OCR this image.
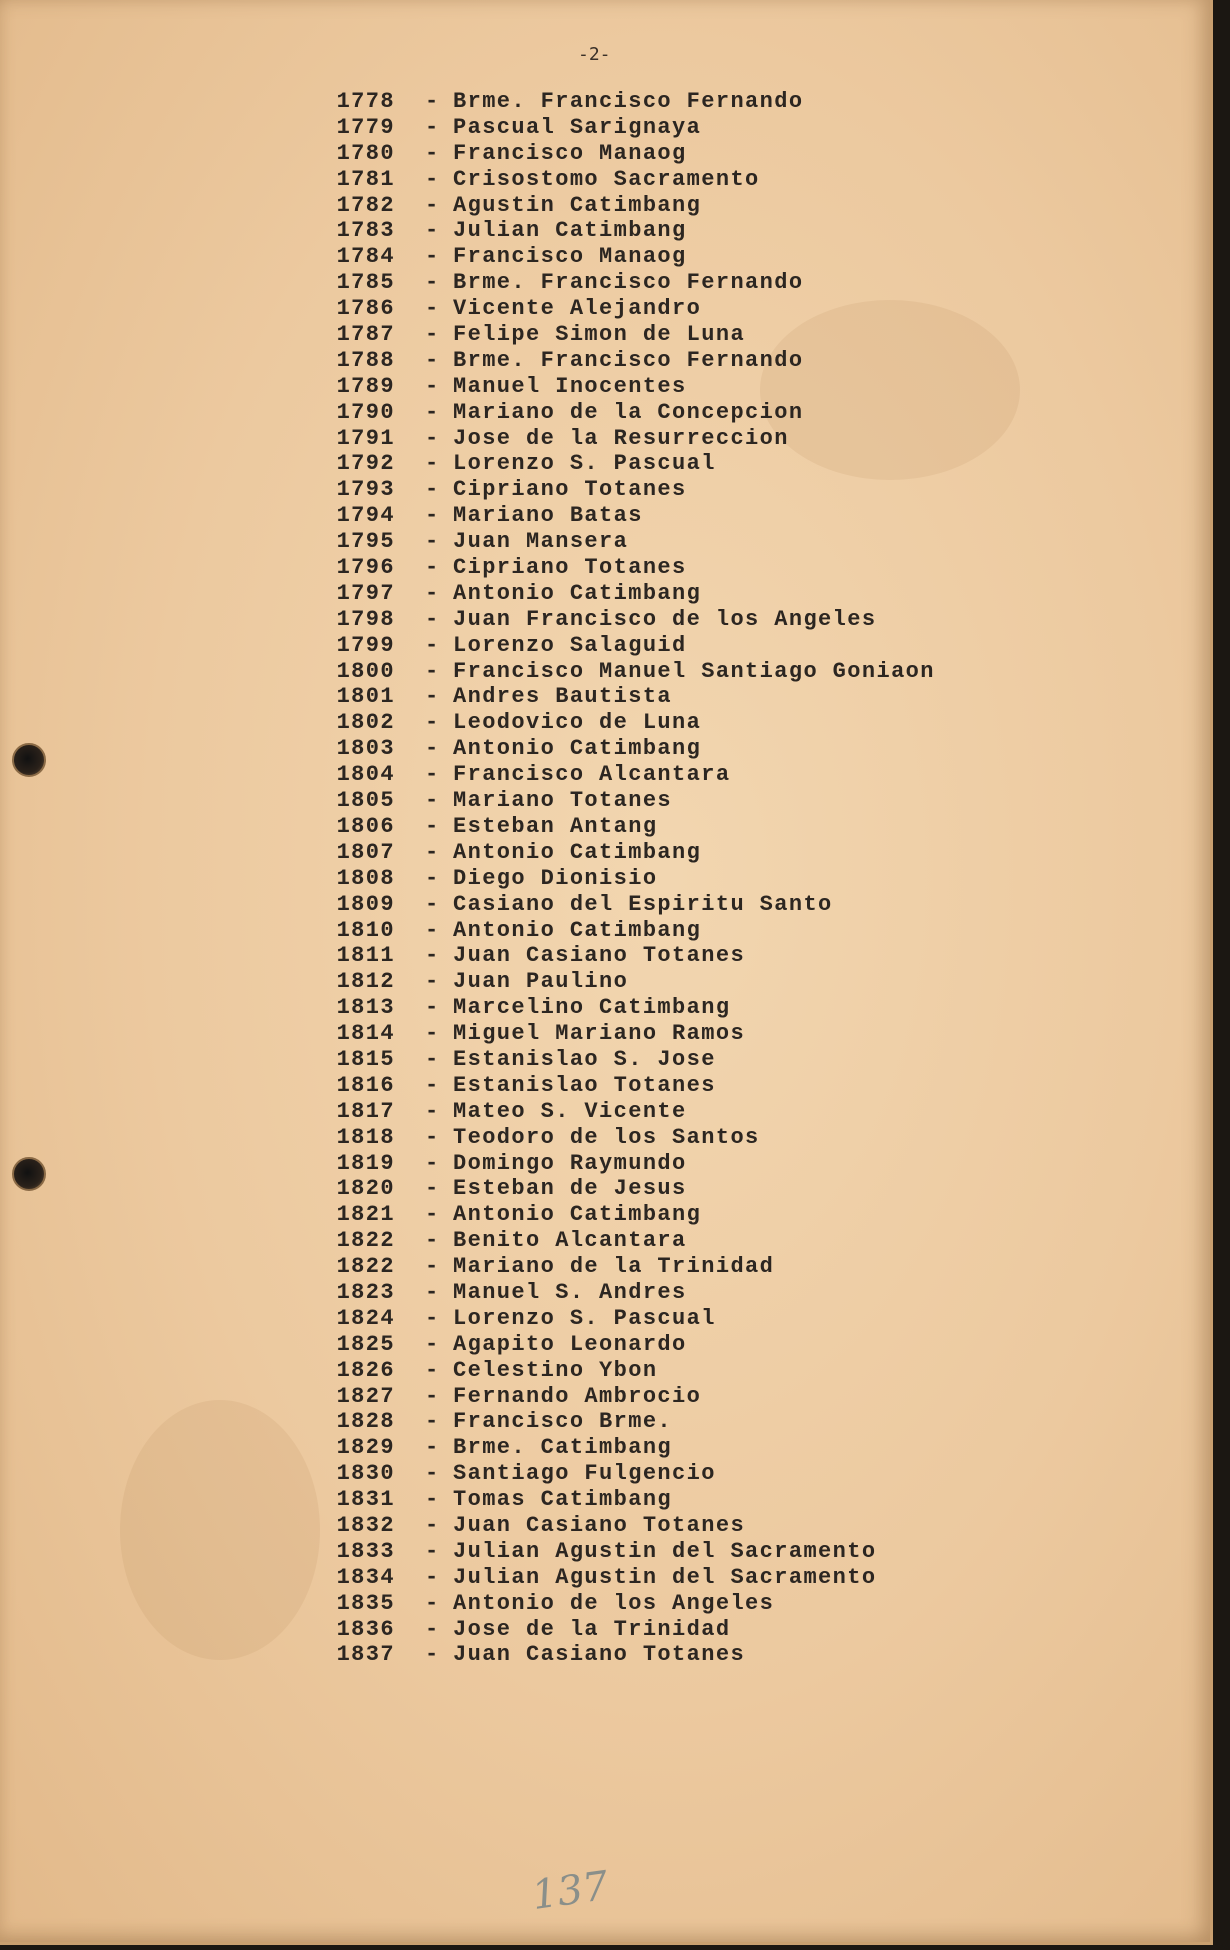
-2-
1778 - Brme. Francisco Fernando
1779 - Pascual Sarignaya
1780 - Francisco Manaog
1781 - Crisostomo Sacramento
1782 - Agustin Catimbang
1783 - Julian Catimbang
1784 - Francisco Manaog
1785 - Brme. Francisco Fernando
1786 - Vicente Alejandro
1787 - Felipe Simon de Luna
1788 - Brme. Francisco Fernando
1789 - Manuel Inocentes
1790 - Mariano de la Concepcion
1791 - Jose de la Resurreccion
1792 - Lorenzo S. Pascual
1793 - Cipriano Totanes
1794 - Mariano Batas
1795 - Juan Mansera
1796 - Cipriano Totanes
1797 - Antonio Catimbang
1798 - Juan Francisco de los Angeles
1799 - Lorenzo Salaguid
1800 - Francisco Manuel Santiago Goniaon
1801 - Andres Bautista
1802 - Leodovico de Luna
1803 - Antonio Catimbang
1804 - Francisco Alcantara
1805 - Mariano Totanes
1806 - Esteban Antang
1807 - Antonio Catimbang
1808 - Diego Dionisio
1809 - Casiano del Espiritu Santo
1810 - Antonio Catimbang
1811 - Juan Casiano Totanes
1812 - Juan Paulino
1813 - Marcelino Catimbang
1814 - Miguel Mariano Ramos
1815 - Estanislao S. Jose
1816 - Estanislao Totanes
1817 - Mateo S. Vicente
1818 - Teodoro de los Santos
1819 - Domingo Raymundo
1820 - Esteban de Jesus
1821 - Antonio Catimbang
1822 - Benito Alcantara
1822 - Mariano de la Trinidad
1823 - Manuel S. Andres
1824 - Lorenzo S. Pascual
1825 - Agapito Leonardo
1826 - Celestino Ybon
1827 - Fernando Ambrocio
1828 - Francisco Brme.
1829 - Brme. Catimbang
1830 - Santiago Fulgencio
1831 - Tomas Catimbang
1832 - Juan Casiano Totanes
1833 - Julian Agustin del Sacramento
1834 - Julian Agustin del Sacramento
1835 - Antonio de los Angeles
1836 - Jose de la Trinidad
1837 - Juan Casiano Totanes
137
